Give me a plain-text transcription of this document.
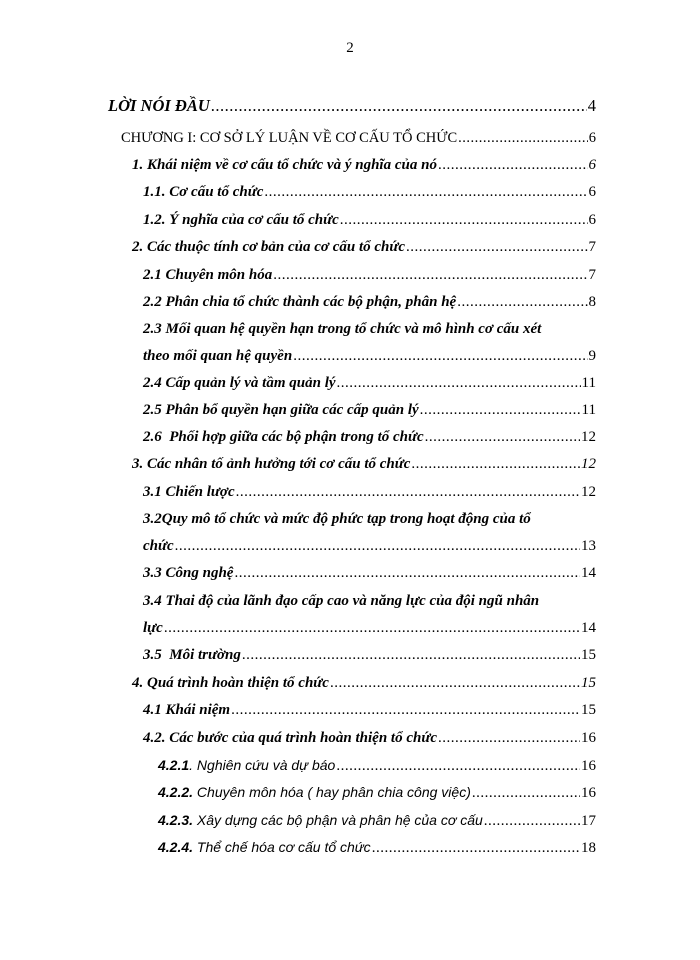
2
LỜI NÓI ĐẦU .....	4
CHƯƠNG I: CƠ SỞ LÝ LUẬN VỀ CƠ CẤU TỔ CHỨC .....	6
1. Khái niệm về cơ cấu tổ chức và ý nghĩa của nó .....	6
1.1. Cơ cấu tổ chức .....	6
1.2. Ý nghĩa của cơ cấu tổ chức .....	6
2. Các thuộc tính cơ bản của cơ cấu tổ chức .....	7
2.1 Chuyên môn hóa .....	7
2.2 Phân chia tổ chức thành các bộ phận, phân hệ .....	8
2.3 Mối quan hệ quyền hạn trong tổ chức và mô hình cơ cấu xét
theo mối quan hệ quyền .....	9
2.4 Cấp quản lý và tầm quản lý .....	11
2.5 Phân bổ quyền hạn giữa các cấp quản lý .....	11
2.6  Phối hợp giữa các bộ phận trong tổ chức .....	12
3. Các nhân tố ảnh hưởng tới cơ cấu tổ chức .....	12
3.1 Chiến lược .....	12
3.2Quy mô tổ chức và mức độ phức tạp trong hoạt động của tổ
chức .....	13
3.3 Công nghệ .....	14
3.4 Thai độ của lãnh đạo cấp cao và năng lực của đội ngũ nhân
lực .....	14
3.5  Môi trường .....	15
4. Quá trình hoàn thiện tổ chức .....	15
4.1 Khái niệm .....	15
4.2. Các bước của quá trình hoàn thiện tổ chức .....	16
4.2.1. Nghiên cứu và dự báo .....	16
4.2.2. Chuyên môn hóa ( hay phân chia công việc) .....	16
4.2.3. Xây dựng các bộ phận và phân hệ của cơ cấu .....	17
4.2.4. Thể chế hóa cơ cấu tổ chức .....	18
